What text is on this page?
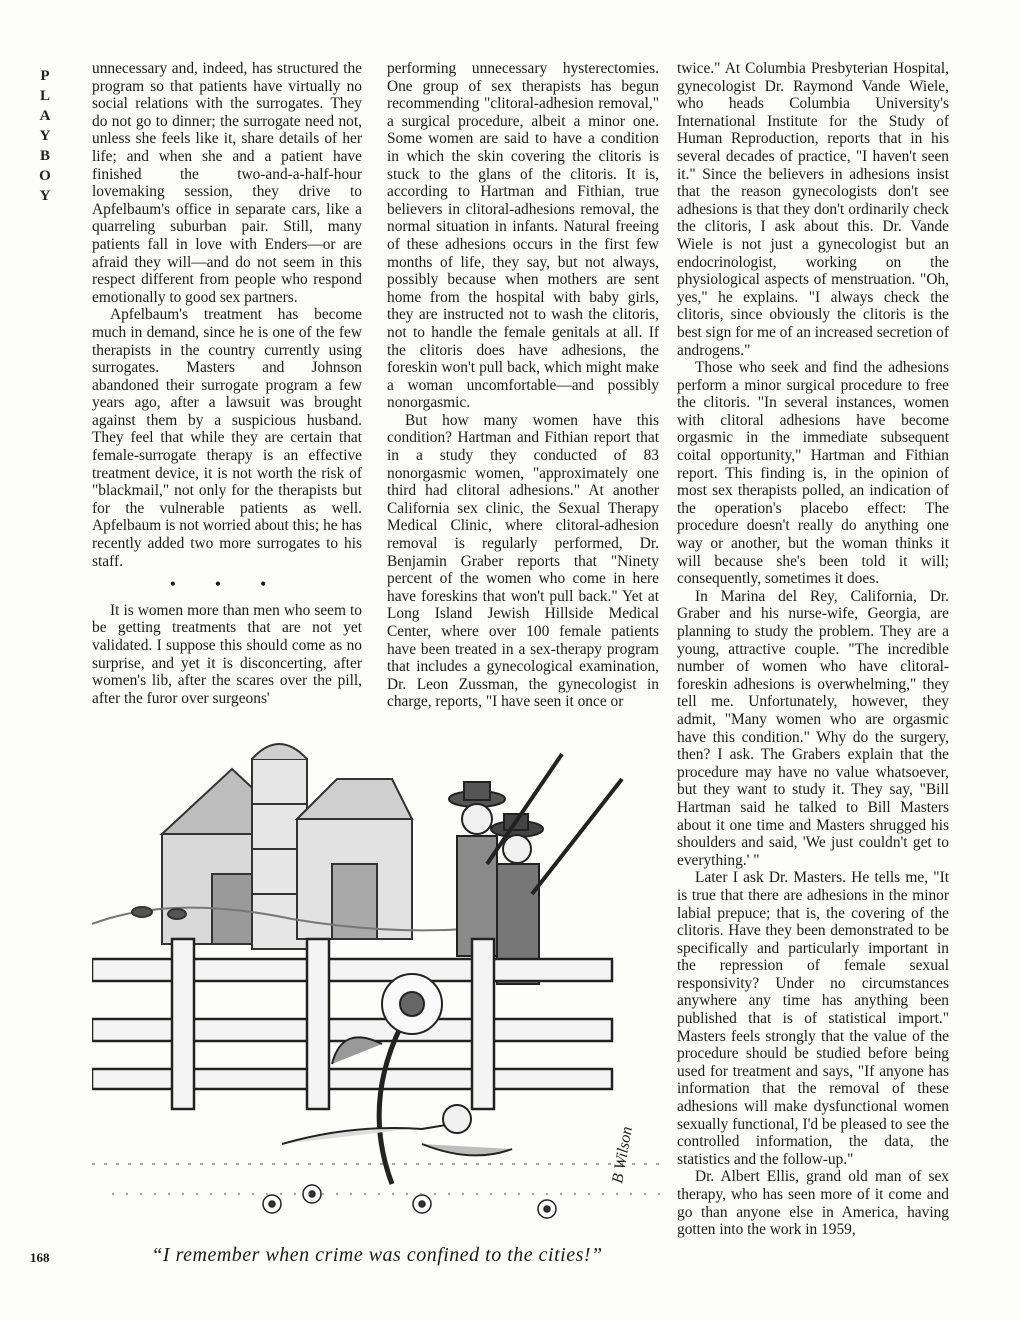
P
L
A
Y
B
O
Y

unnecessary and, indeed, has structured the program so that patients have virtually no social relations with the surrogates. They do not go to dinner; the surrogate need not, unless she feels like it, share details of her life; and when she and a patient have finished the two-and-a-half-hour lovemaking session, they drive to Apfelbaum's office in separate cars, like a quarreling suburban pair. Still, many patients fall in love with Enders—or are afraid they will—and do not seem in this respect different from people who respond emotionally to good sex partners.

Apfelbaum's treatment has become much in demand, since he is one of the few therapists in the country currently using surrogates. Masters and Johnson abandoned their surrogate program a few years ago, after a lawsuit was brought against them by a suspicious husband. They feel that while they are certain that female-surrogate therapy is an effective treatment device, it is not worth the risk of "blackmail," not only for the therapists but for the vulnerable patients as well. Apfelbaum is not worried about this; he has recently added two more surrogates to his staff.

• • •

It is women more than men who seem to be getting treatments that are not yet validated. I suppose this should come as no surprise, and yet it is disconcerting, after women's lib, after the scares over the pill, after the furor over surgeons'

performing unnecessary hysterectomies. One group of sex therapists has begun recommending "clitoral-adhesion removal," a surgical procedure, albeit a minor one. Some women are said to have a condition in which the skin covering the clitoris is stuck to the glans of the clitoris. It is, according to Hartman and Fithian, true believers in clitoral-adhesions removal, the normal situation in infants. Natural freeing of these adhesions occurs in the first few months of life, they say, but not always, possibly because when mothers are sent home from the hospital with baby girls, they are instructed not to wash the clitoris, not to handle the female genitals at all. If the clitoris does have adhesions, the foreskin won't pull back, which might make a woman uncomfortable—and possibly nonorgasmic.

But how many women have this condition? Hartman and Fithian report that in a study they conducted of 83 nonorgasmic women, "approximately one third had clitoral adhesions." At another California sex clinic, the Sexual Therapy Medical Clinic, where clitoral-adhesion removal is regularly performed, Dr. Benjamin Graber reports that "Ninety percent of the women who come in here have foreskins that won't pull back." Yet at Long Island Jewish Hillside Medical Center, where over 100 female patients have been treated in a sex-therapy program that includes a gynecological examination, Dr. Leon Zussman, the gynecologist in charge, reports, "I have seen it once or

twice." At Columbia Presbyterian Hospital, gynecologist Dr. Raymond Vande Wiele, who heads Columbia University's International Institute for the Study of Human Reproduction, reports that in his several decades of practice, "I haven't seen it." Since the believers in adhesions insist that the reason gynecologists don't see adhesions is that they don't ordinarily check the clitoris, I ask about this. Dr. Vande Wiele is not just a gynecologist but an endocrinologist, working on the physiological aspects of menstruation. "Oh, yes," he explains. "I always check the clitoris, since obviously the clitoris is the best sign for me of an increased secretion of androgens."

Those who seek and find the adhesions perform a minor surgical procedure to free the clitoris. "In several instances, women with clitoral adhesions have become orgasmic in the immediate subsequent coital opportunity," Hartman and Fithian report. This finding is, in the opinion of most sex therapists polled, an indication of the operation's placebo effect: The procedure doesn't really do anything one way or another, but the woman thinks it will because she's been told it will; consequently, sometimes it does.

In Marina del Rey, California, Dr. Graber and his nurse-wife, Georgia, are planning to study the problem. They are a young, attractive couple. "The incredible number of women who have clitoral-foreskin adhesions is overwhelming," they tell me. Unfortunately, however, they admit, "Many women who are orgasmic have this condition." Why do the surgery, then? I ask. The Grabers explain that the procedure may have no value whatsoever, but they want to study it. They say, "Bill Hartman said he talked to Bill Masters about it one time and Masters shrugged his shoulders and said, 'We just couldn't get to everything.' "

Later I ask Dr. Masters. He tells me, "It is true that there are adhesions in the minor labial prepuce; that is, the covering of the clitoris. Have they been demonstrated to be specifically and particularly important in the repression of female sexual responsivity? Under no circumstances anywhere any time has anything been published that is of statistical import." Masters feels strongly that the value of the procedure should be studied before being used for treatment and says, "If anyone has information that the removal of these adhesions will make dysfunctional women sexually functional, I'd be pleased to see the controlled information, the data, the statistics and the follow-up."

Dr. Albert Ellis, grand old man of sex therapy, who has seen more of it come and go than anyone else in America, having gotten into the work in 1959,

B Wilson
“I remember when crime was confined to the cities!”
168
